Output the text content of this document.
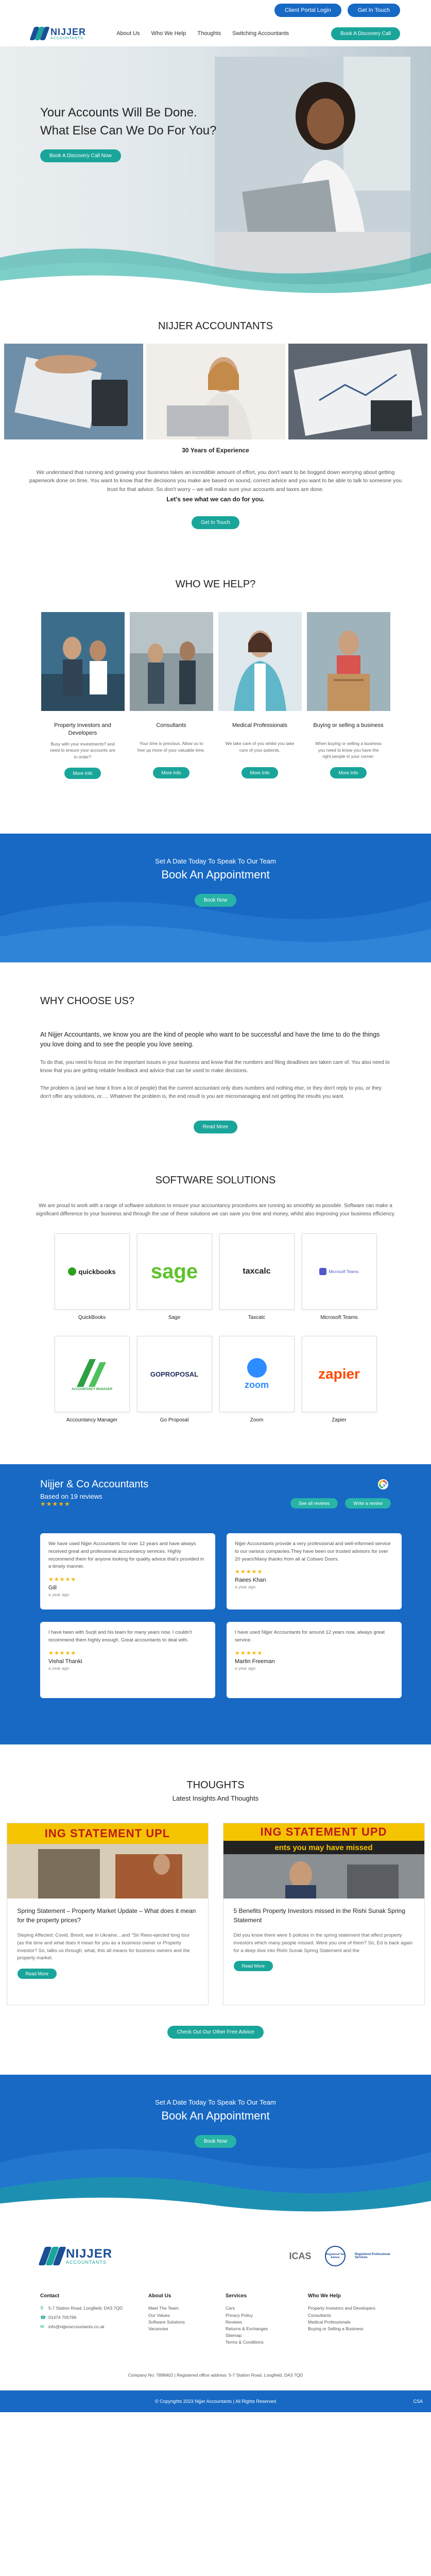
Client Portal Login	Get In Touch
NIJJER
ACCOUNTANTS
About Us Who We Help Thoughts Switching Accountants	Book A Discovery Call
Your Accounts Will Be Done.
What Else Can We Do For You?
Book A Discovery Call Now
NIJJER ACCOUNTANTS
30 Years of Experience

We understand that running and growing your business takes an incredible amount of effort, you don't want to be bogged down worrying about getting paperwork done on time. You want to know that the decisions you make are based on sound, correct advice and you want to be able to talk to someone you trust for that advice. So don't worry – we will make sure your accounts and taxes are done.

Let's see what we can do for you.
Get In Touch
WHO WE HELP?
Property Investors and Developers

Busy with your investments? and need to ensure your accounts are in order?

More Info
Consultants

Your time is precious. Allow us to free up more of your valuable time.

More Info
Medical Professionals

We take care of you whilst you take care of your patients.

More Info
Buying or selling a business

When buying or selling a business you need to know you have the right people in your corner.

More Info
Set A Date Today To Speak To Our Team
Book An Appointment
Book Now
WHY CHOOSE US?
At Nijjer Accountants, we know you are the kind of people who want to be successful and have the time to do the things you love doing and to see the people you love seeing.

To do that, you need to focus on the important issues in your business and know that the numbers and filing deadlines are taken care of. You also need to know that you are getting reliable feedback and advice that can be used to make decisions.

The problem is (and we hear it from a lot of people) that the current accountant only does numbers and nothing else, or they don't reply to you, or they don't offer any solutions, or..... Whatever the problem is, the end result is you are micromanaging and not getting the results you want.

Read More
SOFTWARE SOLUTIONS

We are proud to work with a range of software solutions to ensure your accountancy procedures are running as smoothly as possible. Software can make a significant difference to your business and through the use of these solutions we can save you time and money, whilst also improving your business efficiency.

quickbooks
QuickBooks
sage
Sage
taxcalc
Taxcalc
Microsoft Teams
Microsoft Teams
ACCOUNTANCY MANAGER
Accountancy Manager
GOPROPOSAL
Go Proposal
zoom
Zoom
zapier
Zapier
Nijjer & Co Accountants
Based on 19 reviews
★★★★★	See all reviews	Write a review

We have used Nijjer Accountants for over 12 years and have always received great and professional accountancy services. Highly recommend them for anyone looking for quality advice that's provided in a timely manner.

★★★★★
Gill
a year ago

Nijjer Accountants provide a very professional and well-informed service to our various companies.They have been our trusted advisors for over 20 years!Many thanks from all at Cotswo Doors.

★★★★★
Raees Khan
a year ago

I have been with Surjit and his team for many years now. I couldn't recommend them highly enough. Great accountants to deal with.

★★★★★
Vishal Thanki
a year ago

I have used Nijjer Accountants for around 12 years now, always great service.

★★★★★
Martin Freeman
a year ago
THOUGHTS
Latest Insights And Thoughts
ING STATEMENT UPL
Spring Statement – Property Market Update – What does it mean for the property prices?

Sleping Affected: Covid, Brexit, war in Ukraine…and "Sir Rees-ejected long tour (as the time and what does it mean for you as a business owner or Property investor? So, talks us through, what, this all means for business owners and the property market.

Read More
ING STATEMENT UPD
ents you may have missed
5 Benefits Property Investors missed in the Rishi Sunak Spring Statement

Did you know there were 5 policies in the spring statement that affect property investors which many people missed. Were you one of them? So, Ed is back again for a deep dive into Rishi Sunak Spring Statement and the

Read More
Check Out Our Other Free Advice
Set A Date Today To Speak To Our Team
Book An Appointment
Book Now
NIJJER
ACCOUNTANTS
ICAS	Registered Tax Adviser
Registered Professional Services
Contact
⚲	5-7 Station Road, Longfield, DA3 7QD
☎ 01474 705766
✉ info@nijjeraccountants.co.uk
About Us
Meet The Team
Our Values
Software Solutions
Vacancies
Services
Cars
Privacy Policy
Reviews
Returns & Exchanges
Sitemap
Terms & Conditions
Who We Help
Property Investors and Developers
Consultants
Medical Professionals
Buying or Selling a Business
Company No: 7898402 | Registered office address: 5-7 Station Road, Longfield, DA3 7QD
© Copyrights 2023 Nijjer Accountants | All Rights Reserved	CSA
